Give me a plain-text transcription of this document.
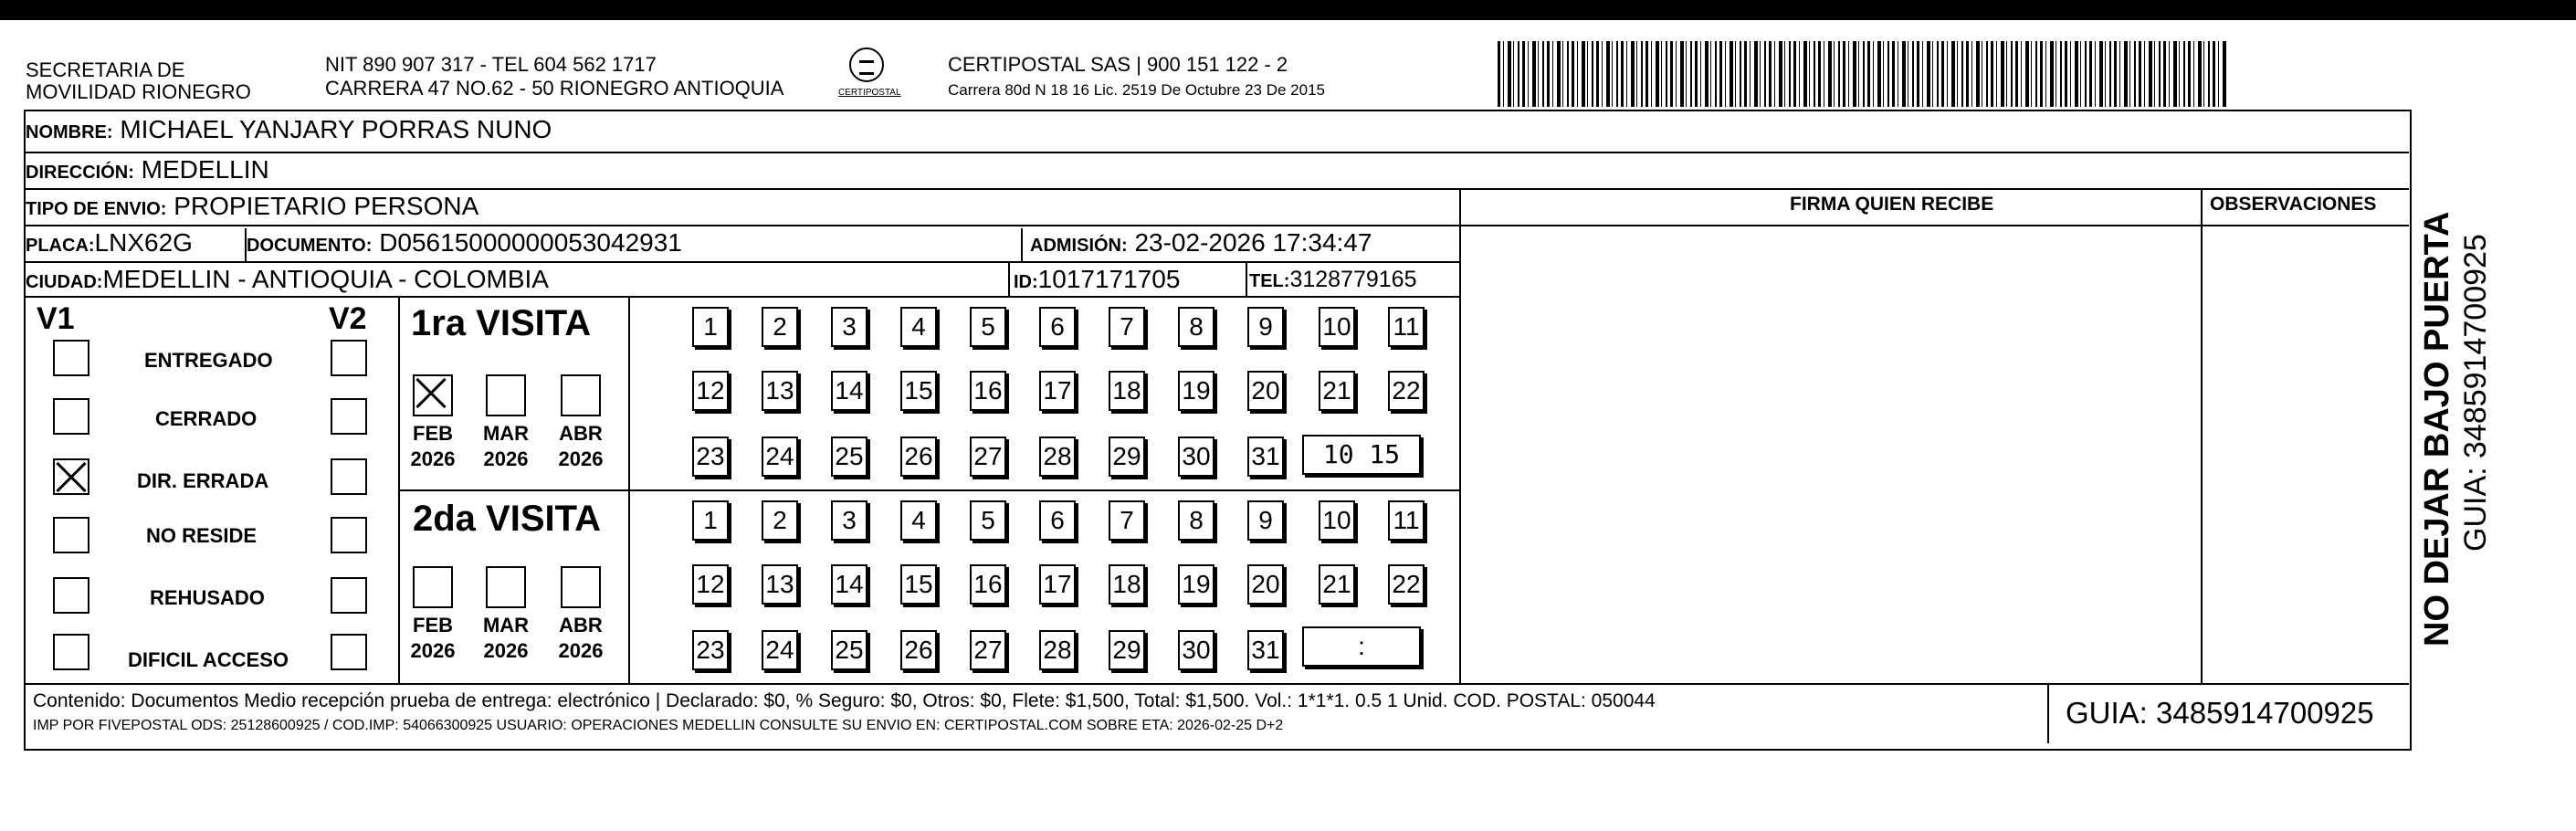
SECRETARIA DE
MOVILIDAD RIONEGRO
NIT 890 907 317 - TEL 604 562 1717
CARRERA 47 NO.62 - 50 RIONEGRO ANTIOQUIA	CERTIPOSTAL
CERTIPOSTAL SAS | 900 151 122 - 2
Carrera 80d N 18 16 Lic. 2519 De Octubre 23 De 2015
NOMBRE: MICHAEL YANJARY PORRAS NUNO
DIRECCIÓN: MEDELLIN
TIPO DE ENVIO: PROPIETARIO PERSONA	FIRMA QUIEN RECIBE	OBSERVACIONES
PLACA:LNX62G	DOCUMENTO: D05615000000053042931	ADMISIÓN: 23-02-2026 17:34:47
CIUDAD:MEDELLIN - ANTIOQUIA - COLOMBIA	ID:1017171705	TEL:3128779165
V1	V2
ENTREGADO
CERRADO
DIR. ERRADA
NO RESIDE
REHUSADO
DIFICIL ACCESO
1ra VISITA
FEB	MAR ABR
2026 2026 2026
1	2	3	4	5	6	7	8	9	10 11
12 13 14 15 16 17 18 19 20 21 22
23 24 25 26 27 28 29 30 31	10 15
2da VISITA
FEB	MAR ABR
2026 2026 2026
1	2	3	4	5	6	7	8	9	10 11
12 13 14 15 16 17 18 19 20 21 22
23 24 25 26 27 28 29 30 31	:
Contenido: Documentos Medio recepción prueba de entrega: electrónico | Declarado: $0, % Seguro: $0, Otros: $0, Flete: $1,500, Total: $1,500. Vol.: 1*1*1. 0.5 1 Unid. COD. POSTAL: 050044
IMP POR FIVEPOSTAL ODS: 25128600925 / COD.IMP: 54066300925 USUARIO: OPERACIONES MEDELLIN CONSULTE SU ENVIO EN: CERTIPOSTAL.COM SOBRE ETA: 2026-02-25 D+2	GUIA: 3485914700925
NO DEJAR BAJO PUERTA GUIA: 3485914700925
